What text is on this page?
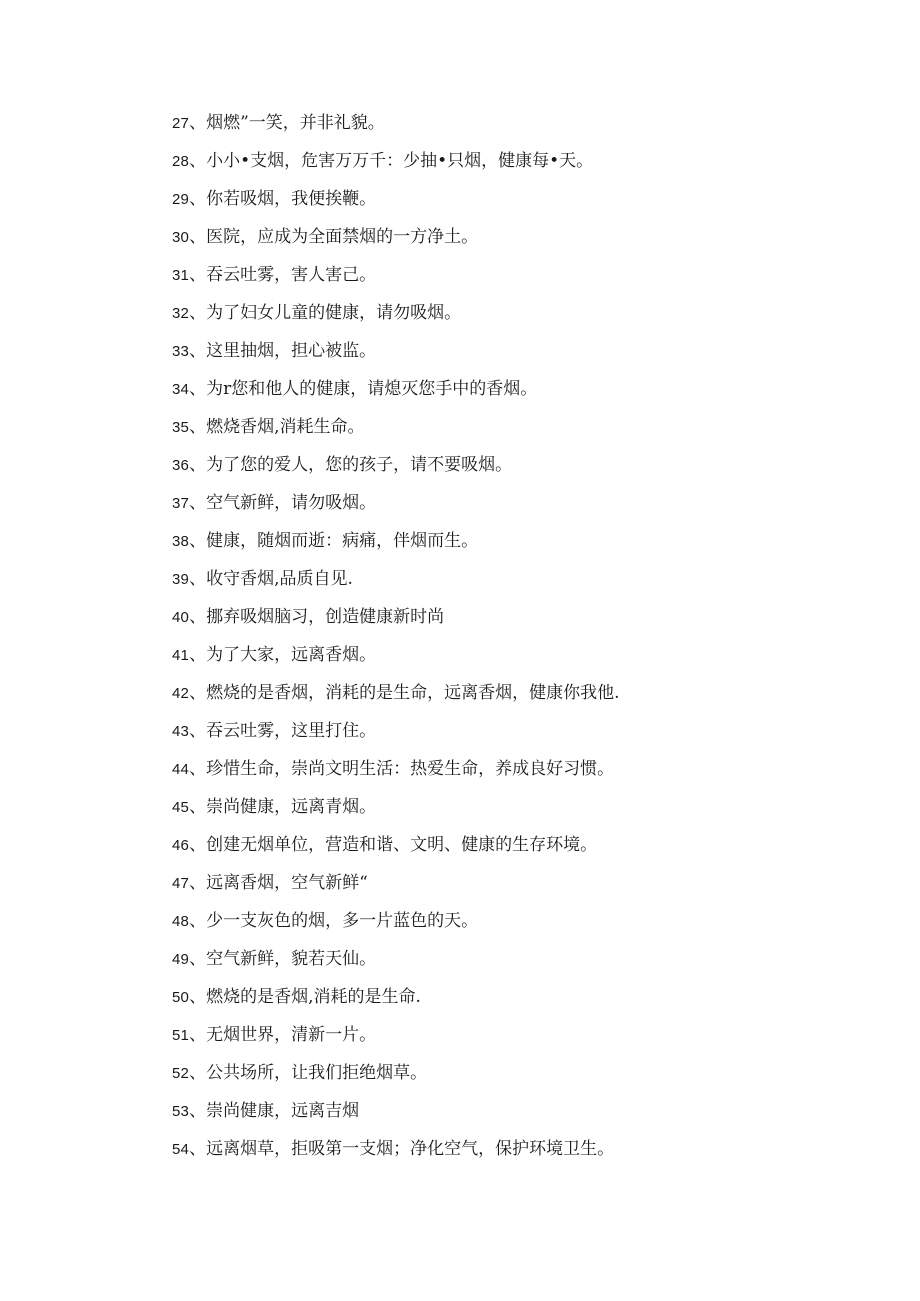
27、烟燃”一笑，并非礼貌。
28、小小•支烟，危害万万千：少抽•只烟，健康每•天。
29、你若吸烟，我便挨鞭。
30、医院，应成为全面禁烟的一方净土。
31、吞云吐雾，害人害己。
32、为了妇女儿童的健康，请勿吸烟。
33、这里抽烟，担心被监。
34、为r您和他人的健康，请熄灭您手中的香烟。
35、燃烧香烟,消耗生命。
36、为了您的爱人，您的孩子，请不要吸烟。
37、空气新鲜，请勿吸烟。
38、健康，随烟而逝：病痛，伴烟而生。
39、收守香烟,品质自见.
40、挪弃吸烟脑习，创造健康新时尚
41、为了大家，远离香烟。
42、燃烧的是香烟，消耗的是生命，远离香烟，健康你我他.
43、吞云吐雾，这里打住。
44、珍惜生命，崇尚文明生活：热爱生命，养成良好习惯。
45、崇尚健康，远离青烟。
46、创建无烟单位，营造和谐、文明、健康的生存环境。
47、远离香烟，空气新鲜“
48、少一支灰色的烟，多一片蓝色的天。
49、空气新鲜，貌若天仙。
50、燃烧的是香烟,消耗的是生命.
51、无烟世界，清新一片。
52、公共场所，让我们拒绝烟草。
53、崇尚健康，远离吉烟
54、远离烟草，拒吸第一支烟；净化空气，保护环境卫生。
